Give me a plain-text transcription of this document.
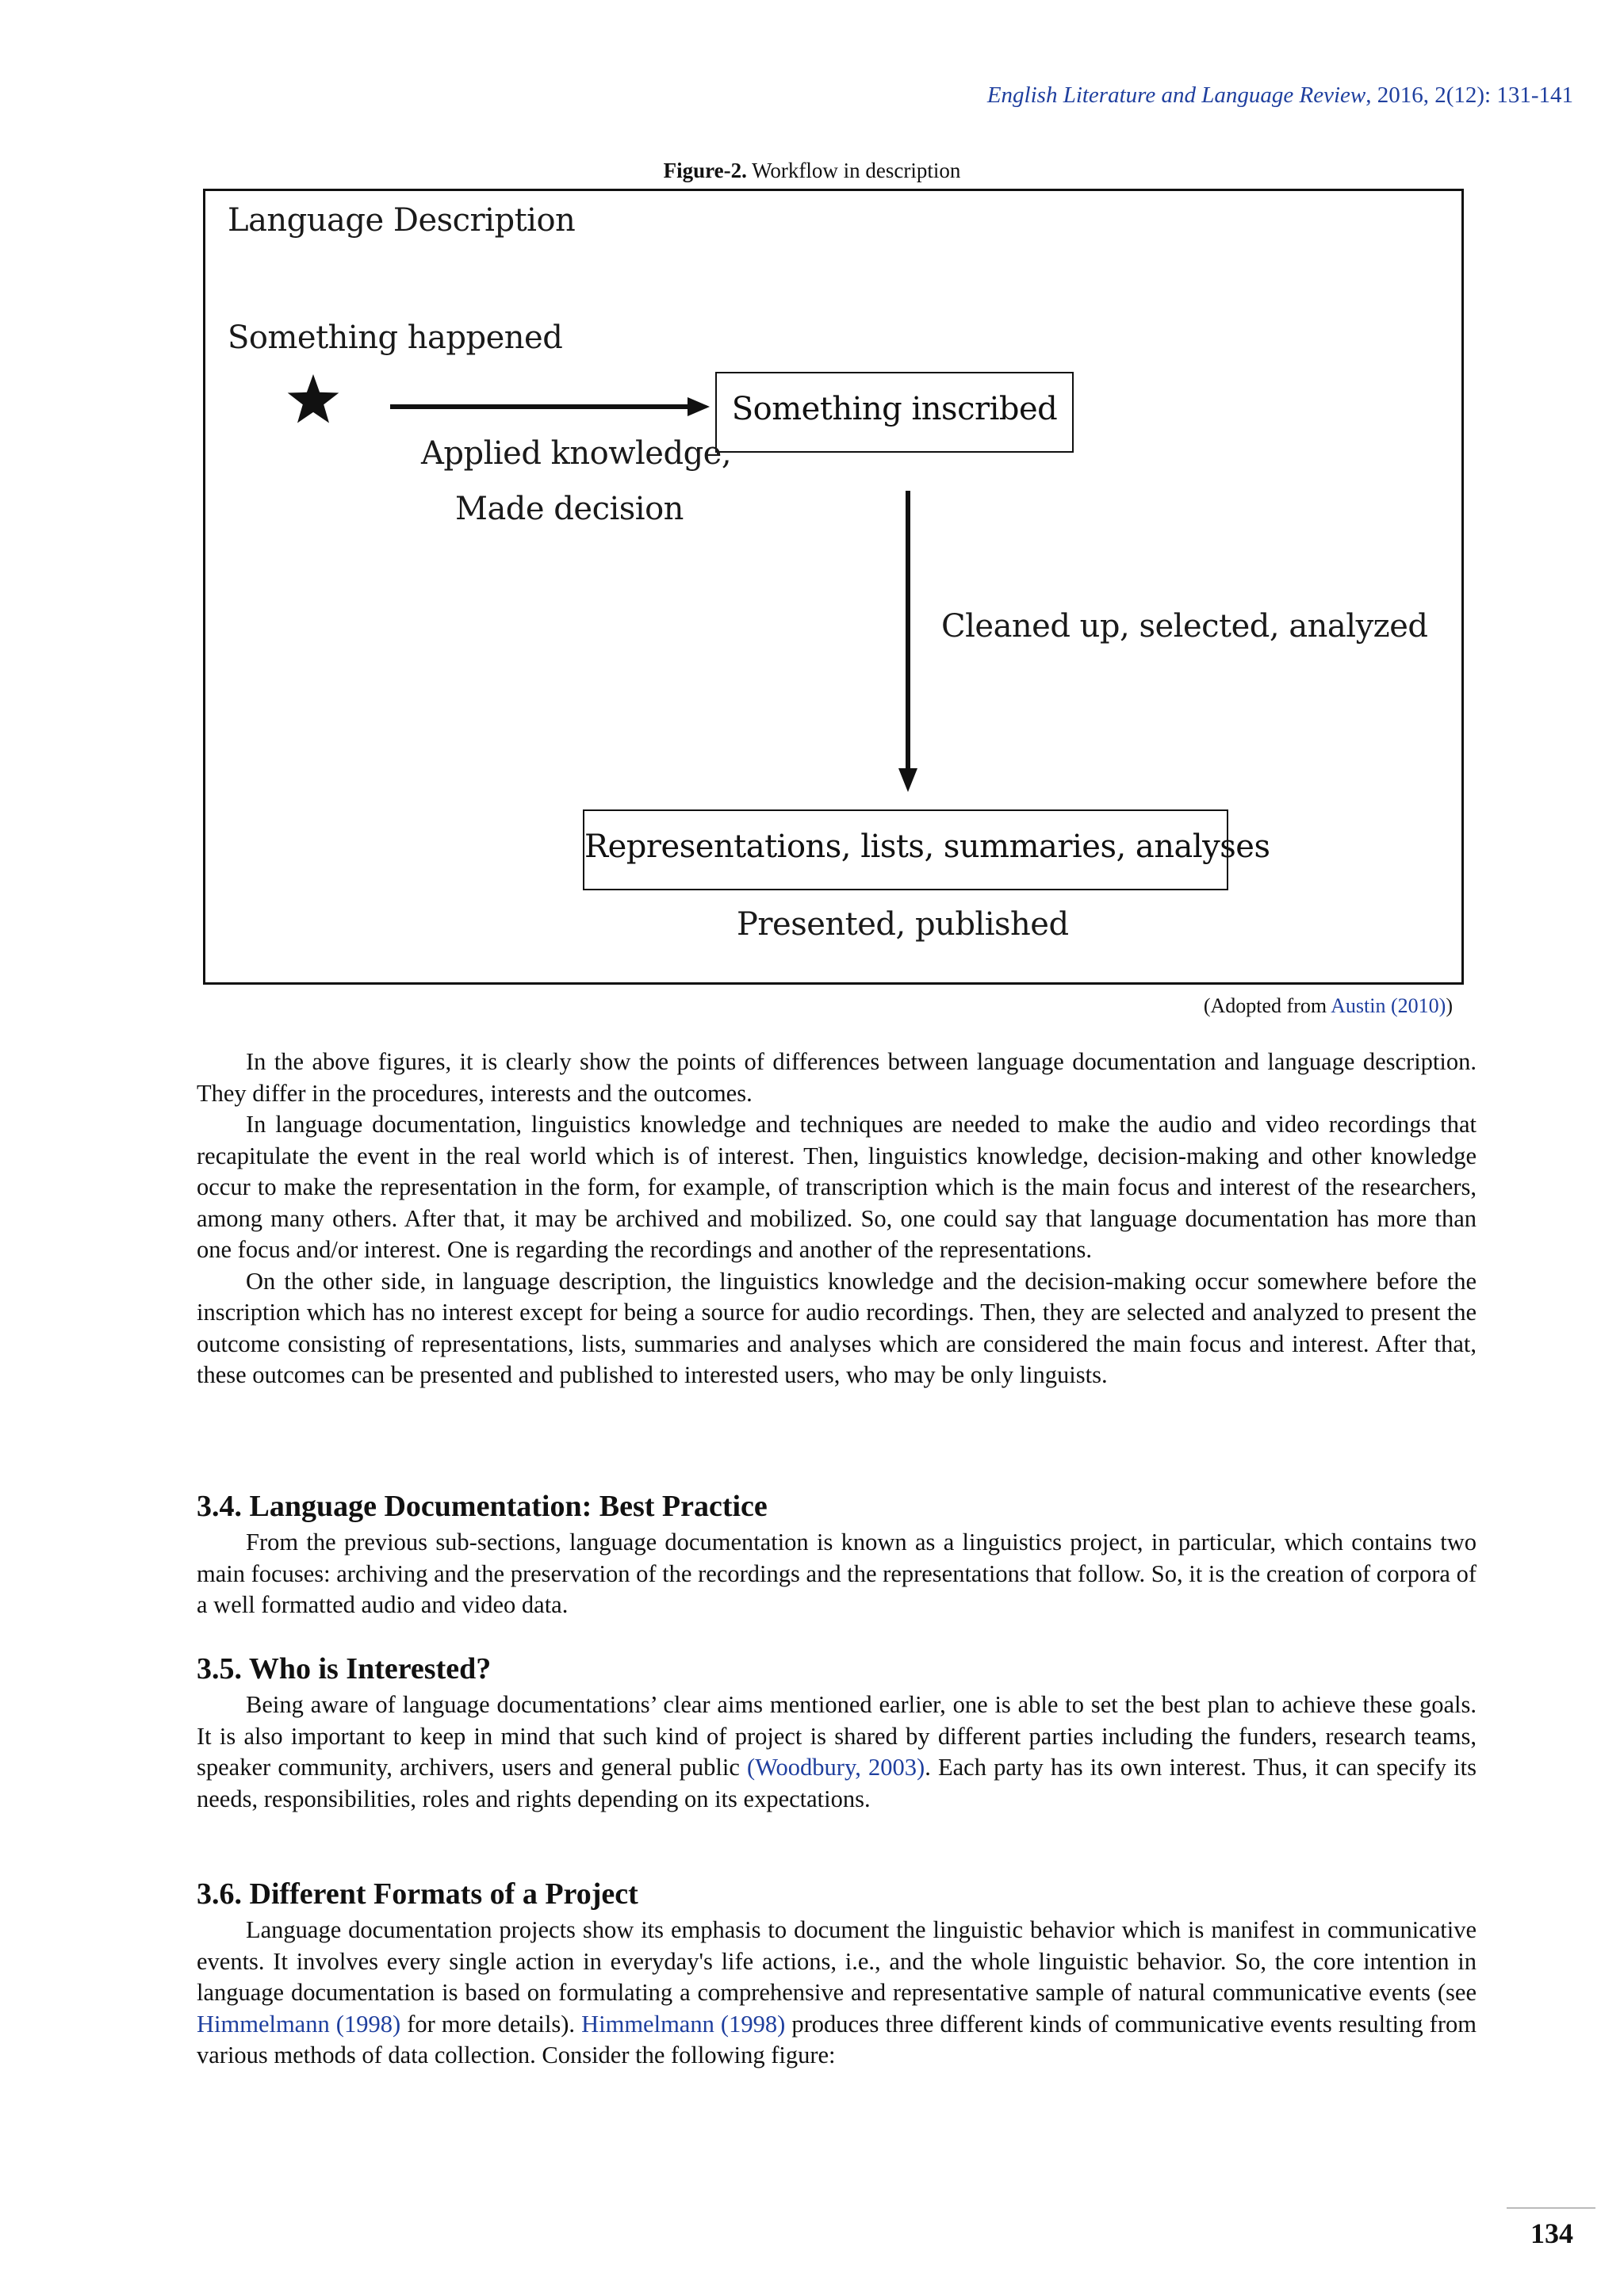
English Literature and Language Review, 2016, 2(12): 131-141
Figure-2. Workflow in description
Language Description
Something happened
Something inscribed
Applied knowledge,
Made decision
Cleaned up, selected, analyzed
Representations, lists, summaries, analyses
Presented, published
(Adopted from Austin (2010))

In the above figures, it is clearly show the points of differences between language documentation and language description. They differ in the procedures, interests and the outcomes.

In language documentation, linguistics knowledge and techniques are needed to make the audio and video recordings that recapitulate the event in the real world which is of interest. Then, linguistics knowledge, decision-making and other knowledge occur to make the representation in the form, for example, of transcription which is the main focus and interest of the researchers, among many others. After that, it may be archived and mobilized. So, one could say that language documentation has more than one focus and/or interest. One is regarding the recordings and another of the representations.

On the other side, in language description, the linguistics knowledge and the decision-making occur somewhere before the inscription which has no interest except for being a source for audio recordings. Then, they are selected and analyzed to present the outcome consisting of representations, lists, summaries and analyses which are considered the main focus and interest. After that, these outcomes can be presented and published to interested users, who may be only linguists.

3.4. Language Documentation: Best Practice

From the previous sub-sections, language documentation is known as a linguistics project, in particular, which contains two main focuses: archiving and the preservation of the recordings and the representations that follow. So, it is the creation of corpora of a well formatted audio and video data.

3.5. Who is Interested?

Being aware of language documentations’ clear aims mentioned earlier, one is able to set the best plan to achieve these goals. It is also important to keep in mind that such kind of project is shared by different parties including the funders, research teams, speaker community, archivers, users and general public (Woodbury, 2003). Each party has its own interest. Thus, it can specify its needs, responsibilities, roles and rights depending on its expectations.

3.6. Different Formats of a Project

Language documentation projects show its emphasis to document the linguistic behavior which is manifest in communicative events. It involves every single action in everyday's life actions, i.e., and the whole linguistic behavior. So, the core intention in language documentation is based on formulating a comprehensive and representative sample of natural communicative events (see Himmelmann (1998) for more details). Himmelmann (1998) produces three different kinds of communicative events resulting from various methods of data collection. Consider the following figure:

134
